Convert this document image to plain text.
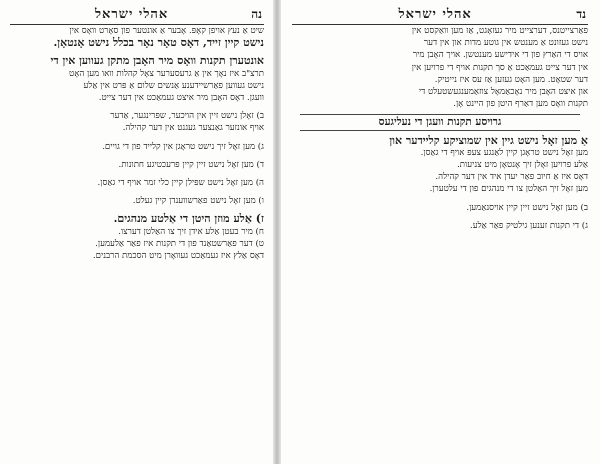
נה
אהלי ישראל

שיט אַ נעץ אויפן קאָפּ. אָבער אַ אונטער פון סאָרט וואָס אין

נישט קיין זייד, דאָס טאָר נאָר בכלל נישט אָנטאָן.

אונטערן תקנות וואָס מיר האָבן מתקן געווען אין די

תרצ"ב איז נאָך אין אַ גרעסערער צאָל קהלות וואו מען האָט

נישט געווען פאַרשיידענע אַנשים שלום אַ פּרט אין אַלע

וועגן. דאָס האָבן מיר איצט געמאַכט אין דער צייט.

ב) זאָלן נישט זיין אין הויכער, שפּרינגער, אַדער

אויף אונזער גאַנצער געגנט אין דער קהילה.

ג) מען זאָל זיך נישט טראָגן אין קלייד פון די גויים.

ד) מען זאָל נישט זיין קיין פּרעכטיגע חתונות.

ה) מען זאָל נישט שפּילן קיין כלי זמר אויף די גאַסן.

ו) מען זאָל נישט פאַרשווענדן קיין געלט.

ז) אַלע מוזן היטן די אַלטע מנהגים.

ח) מיר בעטן אַלע אידן זיך צו האַלטן דערצו.

ט) דער פאַרשטאַנד פון די תקנות איז פאַר אַלעמען.

דאָס אַלץ איז געמאַכט געוואָרן מיט הסכמת הרבנים.

נד
אהלי ישראל

פאַרצייטנס, דערצייט מיר געזאָגט, אַז מען וואַקסט אין

נישט געזונט אַ מענטש אין גוטע מדות און אין דער

אויס די האַרץ פון די אידישע מענטשן. אויך האָבן מיר

אין דער צייט געמאַכט אַ סך תקנות אויף די פרויען אין

דער שטאָט. מען האָט געזען אַז עס איז נייטיק.

און איצט האָבן מיר נאָכאַמאָל צוזאַמענגעשטעלט די

תקנות וואָס מען דאַרף היטן פון היינט אָן.

גרויסע תקנות וועגן די נעליגעס

אַ מען זאָל נישט גיין אין שמוציקע קליידער און

מען זאָל נישט טראָגן קיין לאַנגע צעפּ אויף די גאַסן.

אַלע פרויען זאָלן זיך אָנטאָן מיט צניעות.

דאָס איז אַ חיוב פאַר יעדן איד אין דער קהילה.

מען זאָל זיך האַלטן צו די מנהגים פון די עלטערן.

ב) מען זאָל נישט זיין קיין אויסנאַמען.

ג) די תקנות זענען גילטיק פאַר אַלע.
